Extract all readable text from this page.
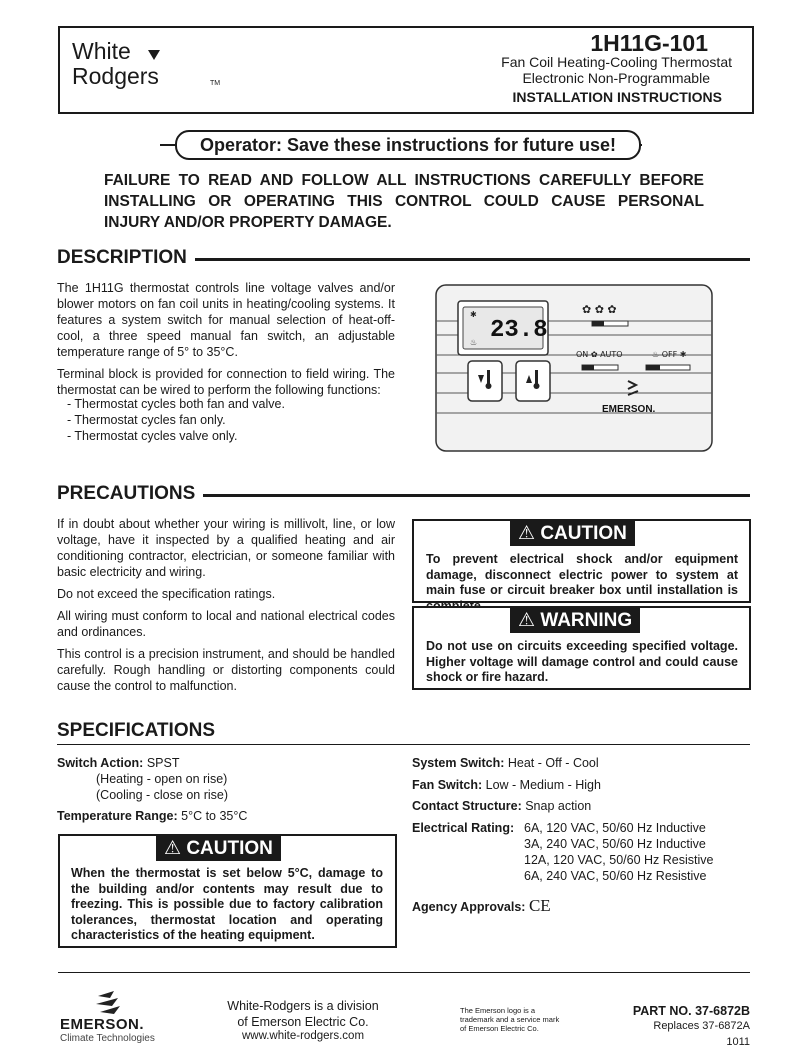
White
Rodgers	TM
1H11G-101
Fan Coil Heating-Cooling Thermostat
Electronic Non-Programmable
INSTALLATION INSTRUCTIONS
Operator: Save these instructions for future use!
FAILURE TO READ AND FOLLOW ALL INSTRUCTIONS CAREFULLY BEFORE INSTALLING OR OPERATING THIS CONTROL COULD CAUSE PERSONAL INJURY AND/OR PROPERTY DAMAGE.
DESCRIPTION

The 1H11G thermostat controls line voltage valves and/or blower motors on fan coil units in heating/cooling systems. It features a system switch for manual selection of heat-off-cool, a three speed manual fan switch, an adjustable temperature range of 5° to 35°C.

Terminal block is provided for connection to field wiring. The thermostat can be wired to perform the following functions:

- Thermostat cycles both fan and valve.
- Thermostat cycles fan only.
- Thermostat cycles valve only.
✱
♨
✿ ✿ ✿
ON ✿ AUTO	♨ OFF ✱
23.8
EMERSON.
PRECAUTIONS

If in doubt about whether your wiring is millivolt, line, or low voltage, have it inspected by a qualified heating and air conditioning contractor, electrician, or someone familiar with basic electricity and wiring.

Do not exceed the specification ratings.

All wiring must conform to local and national electrical codes and ordinances.

This control is a precision instrument, and should be handled carefully. Rough handling or distorting components could cause the control to malfunction.

⚠ CAUTION
To prevent electrical shock and/or equipment damage, disconnect electric power to system at main fuse or circuit breaker box until installation is
⚠ WARNING
Do not use on circuits exceeding specified voltage. Higher voltage will damage control and could cause shock or fire hazard.
SPECIFICATIONS
Switch Action: SPST
(Heating - open on rise)
(Cooling - close on rise)
Temperature Range: 5°C to 35°C
⚠ CAUTION
When the thermostat is set below 5°C, damage to the building and/or contents may result due to freezing. This is possible due to factory calibration tolerances, thermostat location and operating characteristics of the heating equipment.
System Switch: Heat - Off - Cool
Fan Switch: Low - Medium - High
Contact Structure: Snap action
Electrical Rating: 6A, 120 VAC, 50/60 Hz Inductive
3A, 240 VAC, 50/60 Hz Inductive
12A, 120 VAC, 50/60 Hz Resistive
6A, 240 VAC, 50/60 Hz Resistive
Agency Approvals: CE
EMERSON.
Climate Technologies
White-Rodgers is a division
of Emerson Electric Co.
www.white-rodgers.com
The Emerson logo is a
trademark and a service mark
of Emerson Electric Co.
PART NO. 37-6872B
Replaces 37-6872A
1011
